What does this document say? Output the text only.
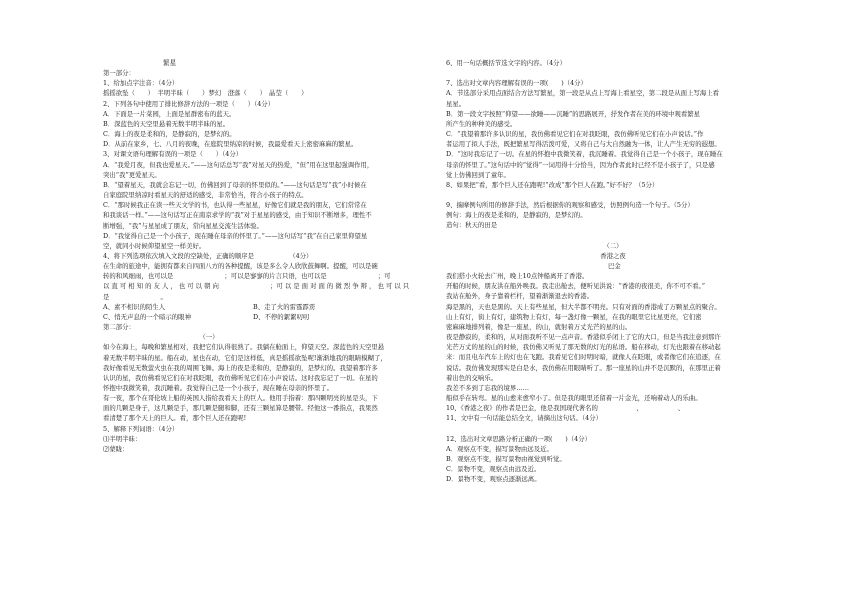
繁星
第一部分：
1、给加点字注音：（4分）
摇摇欲坠（　　）　半明半昧（　　）梦幻　澄落（　　）　晶莹（　　）
2、下列各句中使用了排比修辞方法的一项是（　　）（4分）
A．下面是一片菜园，上面是星群密布的蓝天。
B．深蓝色的天空里悬着无数半明半昧的星。
C．海上的夜是柔和的，是静寂的，是梦幻的。
D．从前在家乡，七、八月的夜晚，在庭院里纳凉的时候，我最爱看天上密密麻麻的繁星。
3、对课文语句理解有误的一项是（　　）（4分）
A．“我爱月夜，但我也爱星天。”——这句话总写“我”对星天的热爱，“但”用在这里起强调作用，
突出“我”更爱星天。
B．“望着星天，我就会忘记一切，仿佛回到了母亲的怀里似的。”——这句话是写“我”小时候在
自家庭院里纳凉时看星天的舒适的感受，非常恰当，符合小孩子的特点。
C．“那时候我正在读一些天文学的书，也认得一些星星，好像它们就是我的朋友，它们常常在
和我谈话一样。”——这句话写正在南京求学的“我”对于星星的感受，由于知识不断增多，理性不
断增强，“我”与星星成了朋友，常向星星交流生活体验。
D．“我觉得自己是一个小孩子，现在睡在母亲的怀里了。”——这句话写“我”在自己家里仰望星
空，就同小时候仰望星空一样美好。
4、将下列选项依次填入文段的空缺处，正确的顺序是　　　　　　（4分）
在生命的旅途中，能拥有都来自四面八方的各种提醒，该是多么令人欣欣鼓舞啊。提醒，可以是碗
转的和风细雨，也可以是　　　　　　　　；可以是寥寥的片言只语，也可以是　　　　　　　　；可
以 直 可 相 知 的 友 人 ， 也 可 以 朝 向　　　　　　　　；可 以 是 面 对 面 的 微 烈 争 辩 ， 也 可 以 只
是　　　　　　　　。
A、素不相识的陌生人	B、走了火的雷霆霹雳
C、悄无声息的一个暗示的眼神	D、不停的絮絮叨叨
第二部分：
（一）
如今在海上，每晚和繁星相对，我把它们认得很熟了。我躺在舱面上，仰望天空。深蓝色的天空里悬
着无数半明半昧的星。船在动，星也在动，它们是这样低，真是摇摇欲坠呢!渐渐地我的眼睛模糊了，
我好像看见无数萤火虫在我的周围飞舞。海上的夜是柔和的，是静寂的，是梦幻的。我望着那许多
认识的星，我仿佛看见它们在对我眨眼，我仿佛听见它们在小声说话。这时我忘记了一切。在星的
怀抱中我微笑着，我沉睡着。我觉得自己是一个小孩子，现在睡在母亲的怀里了。
有一夜，那个在哥伦坡上船的英国人指给我看天上的巨人。他用手指着：那四颗明亮的星是头，下
面的几颗是身子，这几颗是手，那几颗是腿和脚，还有三颗星算是腰带。经他这一番指点，我果然
看清楚了那个天上的巨人。看，那个巨人还在跑呢!
5、解释下列词语：（4分）
⑴半明半昧：
⑵蒙眬：
6、用一句话概括节选文字的内容。（4分）
7、选出对文章内容理解有误的一项(　　)（4分）
A．节选部分采用点面结合方法写繁星，第一段是从点上写海上看星空，第二段是从面上写海上看
星星。
B．第一段文字按照“仰望——欲睡——沉睡”的思路展开，抒发作者在美的环境中观看繁星
所产生的种种美的感受。
C．“我望着那许多认识的星，我仿佛看见它们在对我眨眼，我仿佛听见它们在小声说话。”作
者运用了拟人手法，既把繁星写得活泼可爱，又将自己与大自然融为一体，让人产生无穷的遐想。
D．“这时我忘记了一切。在星的怀抱中我微笑着，我沉睡着。我觉得自己是一个小孩子，现在睡在
母亲的怀里了。”这句话中的“觉得”一词用得十分恰当，因为作者此时已经不是小孩子了，只是感
觉上仿佛回到了童年。
8、如果把“看，那个巨人还在跑呢!”改成“那个巨人在跑。”好不好？（5分）
9、揣摩例句所用的修辞手法，然后根据你的观察和感受，仿照例句造一个句子。（5分）
例句：海上的夜是柔和的，是静寂的，是梦幻的。
造句：秋天的田是
（二）
香港之夜
巴金
我们搭小火轮去广州，晚上10点钟船离开了香港。
开船的时候，朋友洪在船外唤我。我走出舱去，便听见洪说：“香港的夜很美，你不可不看。”
我站在舱外，身子靠着栏杆，望着渐渐退去的香港。
海是黑的，天也是黑的。天上有些星星，但大半都不明亮。只有对面的香港成了万颗星点的聚合。
山上有灯，街上有灯，建筑物上有灯，每一盏灯像一颗星，在我的眼里它比星更亮，它们密
密麻麻地排列着，像是一座星，的山，就射着万丈光芒的星的山。
夜是静寂的，柔和的，从对面我听不见一点声音。香港似乎闭上了它的大口，但是当我注意到那许
光芒万丈的星的山的时候，我仿佛又听见了那无数的灯光的私语。船在移动，灯光也跟着在移动起
来：而且电车汽车上的灯也在飞跑。我看见它们时明时暗，就像人在眨眼，或者像它们在追逐，在
说话。我仿佛发现那实是白是水，我仿佛在用眼睛听了。那一座星的山并不是沉默的，在那里正着
着出色的交响乐。
我差不多到了忘我的境界……
船似乎在转弯。星的山愈来愈窄小了。但是我的眼里还留着一片金光，还响着动人的乐曲。
10、《香港之夜》的作者是巴金，他是我国现代著名的　　　　　　、　　　　　　、　　　　　　
11、文中有一句话能总结全文，请摘出这句话。（4分）
12、选出对文章思路分析正确的一项(　　)（4分）
A．观察点不变，描写景物由远及近。
B．观察点不变，描写景物由视觉到听觉。
C．景物不变，观察点由远及近。
D．景物不变，观察点逐渐远离。
